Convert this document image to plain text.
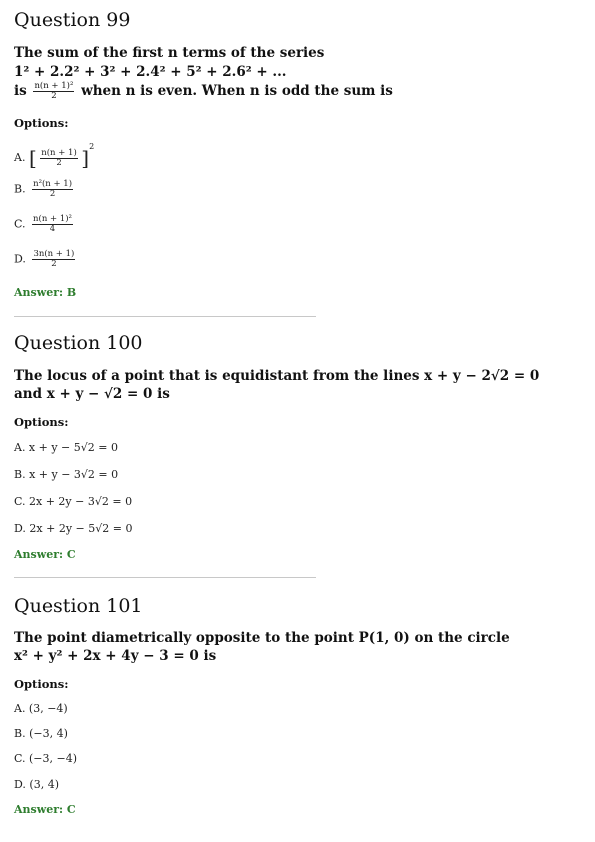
Question 99
The sum of the first n terms of the series
1² + 2.2² + 3² + 2.4² + 5² + 2.6² + ...
is $\frac{\text{n(n + 1)²}}{2}$ when n is even. When n is odd the sum is
Options:
A. [ $\frac{n(n + 1)}{2} ]^2$
B. $\frac{\text{n²(n + 1)}}{2}$
C. $\frac{\text{n(n + 1)²}}{4}$
D. $\frac{3n(n + 1)}{2}$
Answer: B
Question 100
The locus of a point that is equidistant from the lines x + y − 2√2 = 0
and x + y − √2 = 0 is
Options:
A. x + y − 5√2 = 0
B. x + y − 3√2 = 0
C. 2x + 2y − 3√2 = 0
D. 2x + 2y − 5√2 = 0
Answer: C
Question 101
The point diametrically opposite to the point P(1, 0) on the circle
x² + y² + 2x + 4y − 3 = 0 is
Options:
A. (3, −4)
B. (−3, 4)
C. (−3, −4)
D. (3, 4)
Answer: C
